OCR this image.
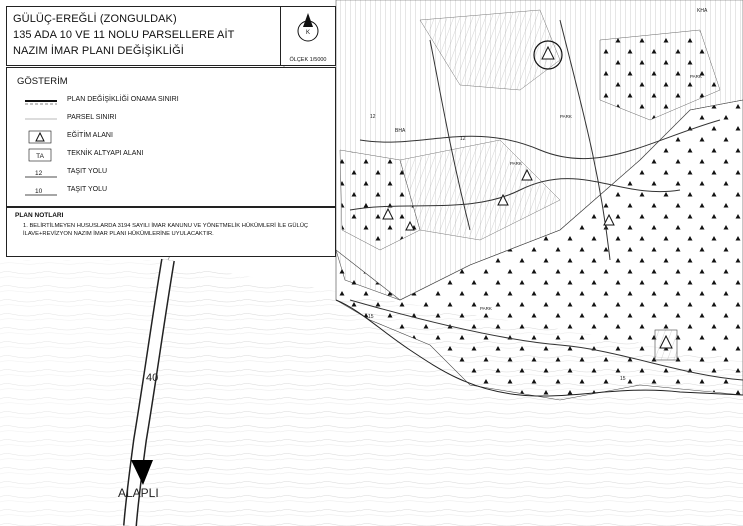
40
ALAPLI
12
12
15
15
BHA
KHA
PARK
PARK
PARK
PARK
GÜLÜÇ-EREĞLİ (ZONGULDAK)
135 ADA 10 VE 11 NOLU PARSELLERE AİT
NAZIM İMAR PLANI DEĞİŞİKLİĞİ
K
ÖLÇEK 1/5000
GÖSTERİM
PLAN DEĞİŞİKLİĞİ ONAMA SINIRI
PARSEL SINIRI
EĞİTİM ALANI
TA	TEKNİK ALTYAPI ALANI
12	TAŞIT YOLU
10	TAŞIT YOLU
PLAN NOTLARI
1. BELİRTİLMEYEN HUSUSLARDA 3194 SAYILI İMAR KANUNU VE YÖNETMELİK HÜKÜMLERİ İLE GÜLÜÇ İLAVE+REVİZYON NAZIM İMAR PLANI HÜKÜMLERİNE UYULACAKTIR.
